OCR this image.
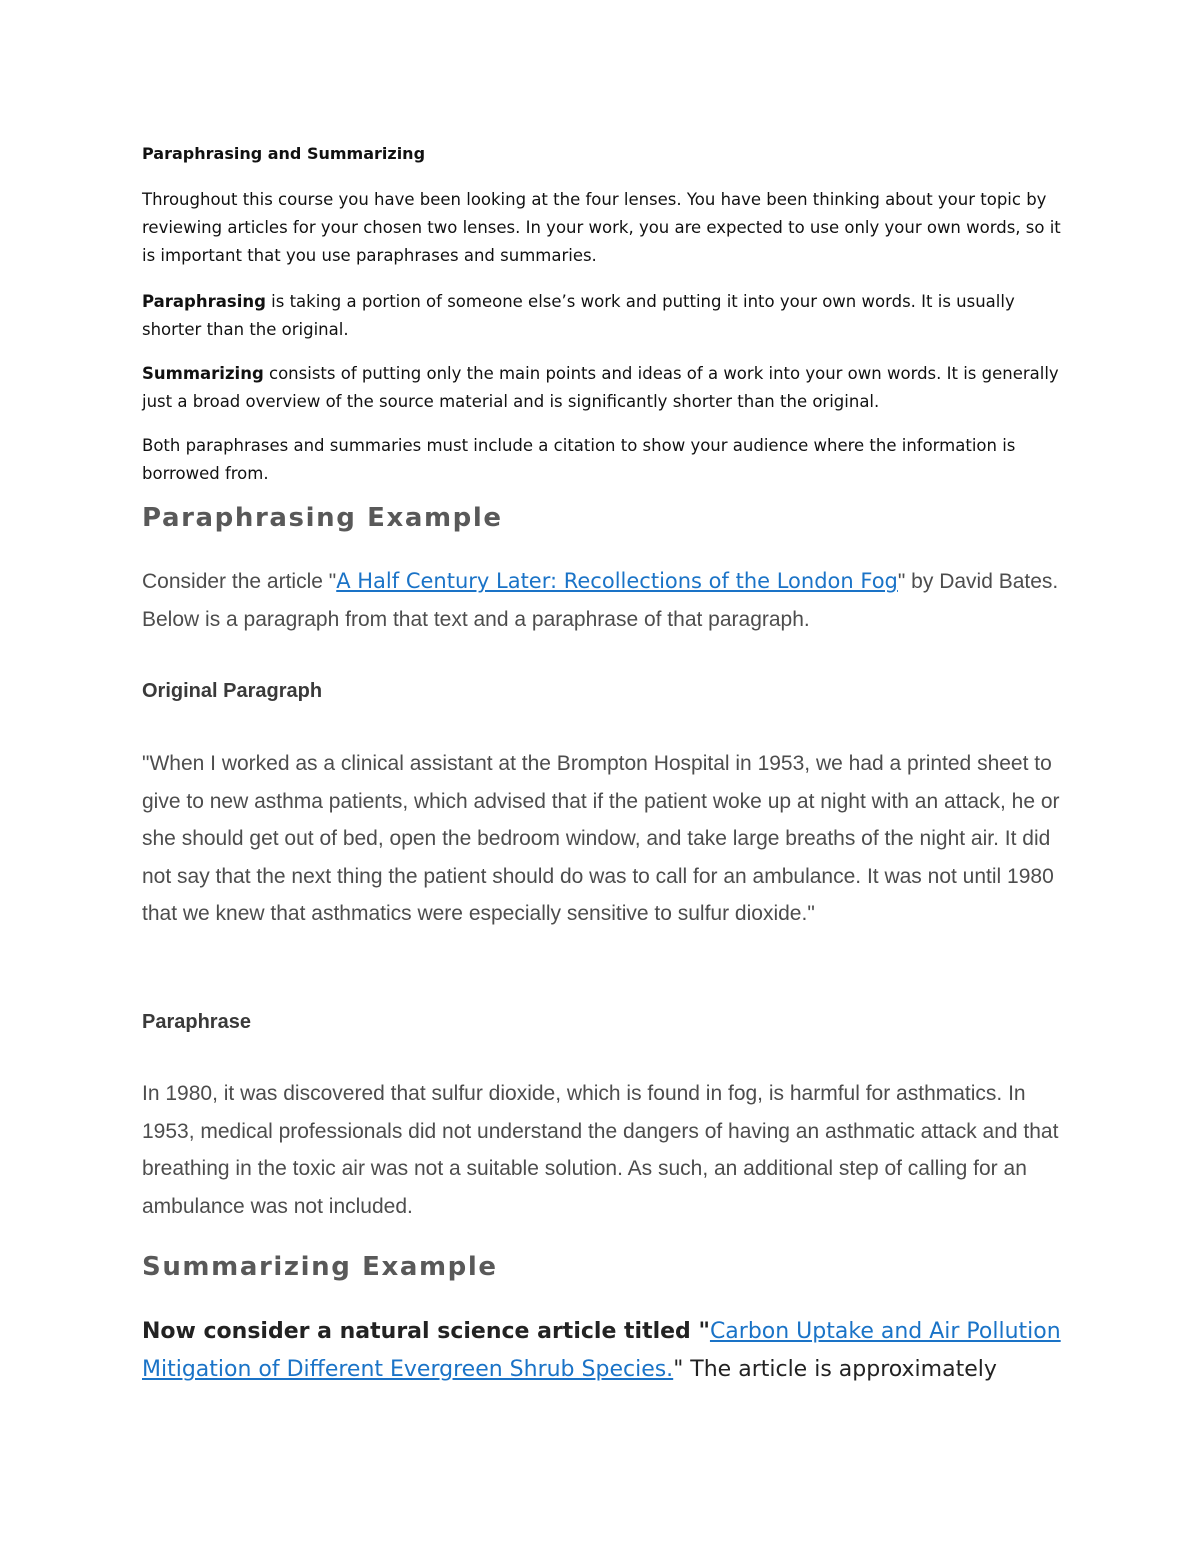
Paraphrasing and Summarizing

Throughout this course you have been looking at the four lenses. You have been thinking about your topic by reviewing articles for your chosen two lenses. In your work, you are expected to use only your own words, so it is important that you use paraphrases and summaries.

Paraphrasing is taking a portion of someone else’s work and putting it into your own words. It is usually shorter than the original.

Summarizing consists of putting only the main points and ideas of a work into your own words. It is generally just a broad overview of the source material and is significantly shorter than the original.

Both paraphrases and summaries must include a citation to show your audience where the information is borrowed from.

Paraphrasing Example

Consider the article "A Half Century Later: Recollections of the London Fog" by David Bates. Below is a paragraph from that text and a paraphrase of that paragraph.

Original Paragraph

"When I worked as a clinical assistant at the Brompton Hospital in 1953, we had a printed sheet to give to new asthma patients, which advised that if the patient woke up at night with an attack, he or she should get out of bed, open the bedroom window, and take large breaths of the night air. It did not say that the next thing the patient should do was to call for an ambulance. It was not until 1980 that we knew that asthmatics were especially sensitive to sulfur dioxide."

Paraphrase

In 1980, it was discovered that sulfur dioxide, which is found in fog, is harmful for asthmatics. In 1953, medical professionals did not understand the dangers of having an asthmatic attack and that breathing in the toxic air was not a suitable solution. As such, an additional step of calling for an ambulance was not included.

Summarizing Example

Now consider a natural science article titled "Carbon Uptake and Air Pollution Mitigation of Different Evergreen Shrub Species." The article is approximately
